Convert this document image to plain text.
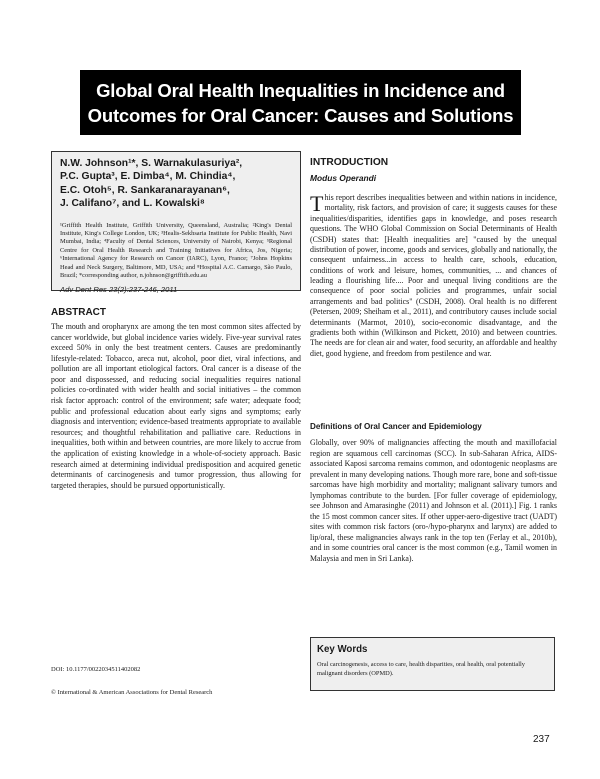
Global Oral Health Inequalities in Incidence and
Outcomes for Oral Cancer: Causes and Solutions
N.W. Johnson¹*, S. Warnakulasuriya²,
P.C. Gupta³, E. Dimba⁴, M. Chindia⁴,
E.C. Otoh⁵, R. Sankaranarayanan⁶,
J. Califano⁷, and L. Kowalski⁸
¹Griffith Health Institute, Griffith University, Queensland, Australia; ²King's Dental Institute, King's College London, UK; ³Healis-Sekhsaria Institute for Public Health, Navi Mumbai, India; ⁴Faculty of Dental Sciences, University of Nairobi, Kenya; ⁵Regional Centre for Oral Health Research and Training Initiatives for Africa, Jos, Nigeria; ⁶International Agency for Research on Cancer (IARC), Lyon, France; ⁷Johns Hopkins Head and Neck Surgery, Baltimore, MD, USA; and ⁸Hospital A.C. Camargo, São Paulo, Brazil; *corresponding author, n.johnson@griffith.edu.au
Adv Dent Res 23(2):237-246, 2011
ABSTRACT
The mouth and oropharynx are among the ten most common sites affected by cancer worldwide, but global incidence varies widely. Five-year survival rates exceed 50% in only the best treatment centers. Causes are predominantly lifestyle-related: Tobacco, areca nut, alcohol, poor diet, viral infections, and pollution are all important etiological factors. Oral cancer is a disease of the poor and dispossessed, and reducing social inequalities requires national policies co-ordinated with wider health and social initiatives – the common risk factor approach: control of the environment; safe water; adequate food; public and professional education about early signs and symptoms; early diagnosis and intervention; evidence-based treatments appropriate to available resources; and thoughtful rehabilitation and palliative care. Reductions in inequalities, both within and between countries, are more likely to accrue from the application of existing knowledge in a whole-of-society approach. Basic research aimed at determining individual predisposition and acquired genetic determinants of carcinogenesis and tumor progression, thus allowing for targeted therapies, should be pursued opportunistically.
DOI: 10.1177/0022034511402082
© International & American Associations for Dental Research
INTRODUCTION
Modus Operandi
This report describes inequalities between and within nations in incidence, mortality, risk factors, and provision of care; it suggests causes for these inequalities/disparities, identifies gaps in knowledge, and poses research questions. The WHO Global Commission on Social Determinants of Health (CSDH) states that: [Health inequalities are] "caused by the unequal distribution of power, income, goods and services, globally and nationally, the consequent unfairness...in access to health care, schools, education, conditions of work and leisure, homes, communities, ... and chances of leading a flourishing life.... Poor and unequal living conditions are the consequence of poor social policies and programmes, unfair social arrangements and bad politics" (CSDH, 2008). Oral health is no different (Petersen, 2009; Sheiham et al., 2011), and contributory causes include social determinants (Marmot, 2010), socio-economic disadvantage, and the gradients both within (Wilkinson and Pickett, 2010) and between countries. The needs are for clean air and water, food security, an affordable and healthy diet, good hygiene, and freedom from pestilence and war.
Definitions of Oral Cancer and Epidemiology
Globally, over 90% of malignancies affecting the mouth and maxillofacial region are squamous cell carcinomas (SCC). In sub-Saharan Africa, AIDS-associated Kaposi sarcoma remains common, and odontogenic neoplasms are prevalent in many developing nations. Though more rare, bone and soft-tissue sarcomas have high morbidity and mortality; malignant salivary tumors and lymphomas contribute to the burden. [For fuller coverage of epidemiology, see Johnson and Amarasinghe (2011) and Johnson et al. (2011).] Fig. 1 ranks the 15 most common cancer sites. If other upper-aero-digestive tract (UADT) sites with common risk factors (oro-/hypo-pharynx and larynx) are added to lip/oral, these malignancies always rank in the top ten (Ferlay et al., 2010b), and in some countries oral cancer is the most common (e.g., Tamil women in Malaysia and men in Sri Lanka).
Key Words
Oral carcinogenesis, access to care, health disparities, oral health, oral potentially malignant disorders (OPMD).
237
